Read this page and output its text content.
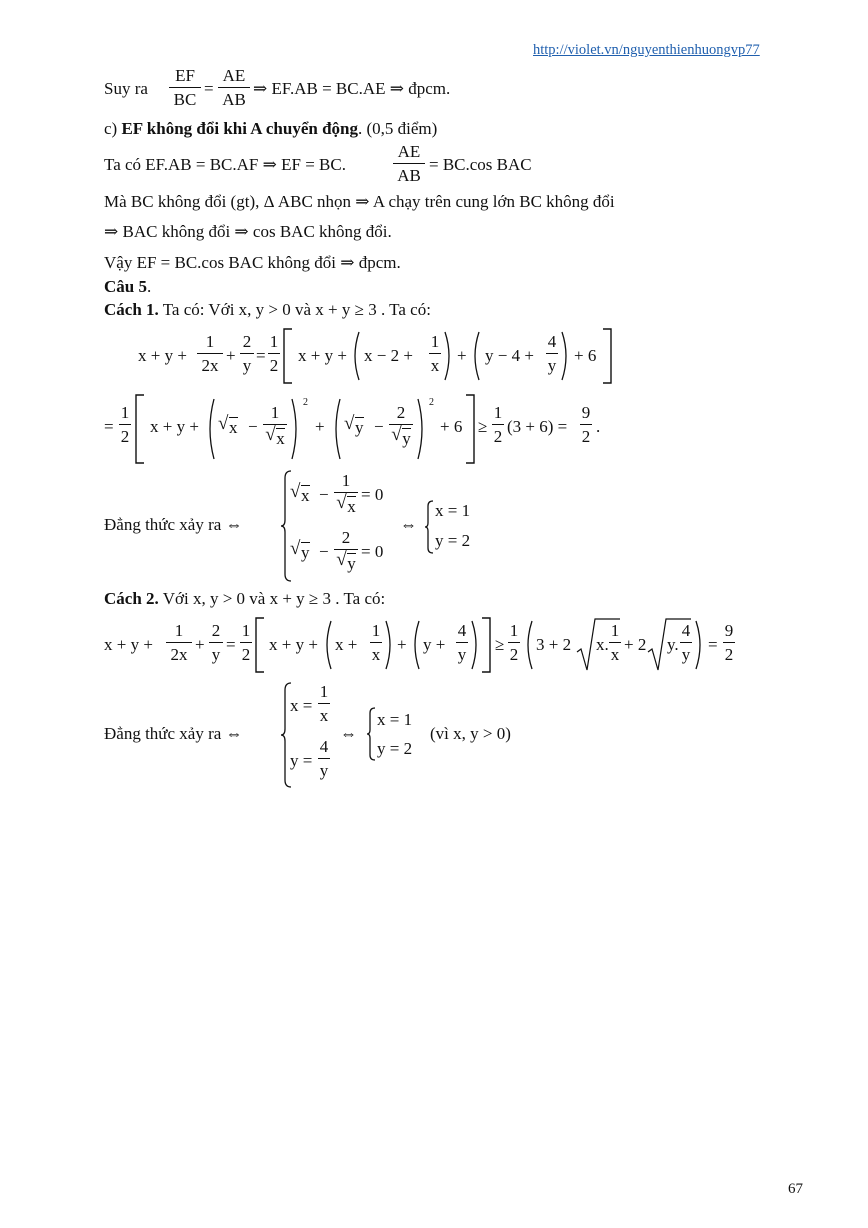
http://violet.vn/nguyenthienhuongvp77
Suy ra $\frac{EF}{BC} = \frac{AE}{AB}$ ⇒ EF.AB = BC.AE ⇒ đpcm.
c) EF không đổi khi A chuyển động. (0,5 điểm)
Ta có EF.AB = BC.AF ⇒ EF = BC.	$\frac{AE}{AB} = BC.\cos$ BAC
Mà BC không đổi (gt), Δ ABC nhọn ⇒ A chạy trên cung lớn BC không đổi
⇒ BAC không đổi ⇒ cos BAC không đổi.
Vậy EF = BC.cos BAC không đổi ⇒ đpcm.
Câu 5.
Cách 1. Ta có: Với x, y > 0 và x + y ≥ 3 . Ta có:
$x + y + \frac{1}{2x} + \frac{2}{y} = \frac{1}{2}$ $x + y + x - 2 + \frac{1}{x} + y - 4 + \frac{4}{y} + 6$
= $\frac{1}{2}$ x + y + √ $x - \frac{1}{√ x}$
2
+ √ $y - \frac{2}{√ y}$
2
+ $6 \ge \frac{1}{2} (3 + 6) = \frac{9}{2}$ .
Đẳng thức xảy ra ⇔
√ $x - \frac{1}{√ x} = 0$
√ $y - \frac{2}{√ y} = 0$
⇔
x = 1
y = 2
Cách 2. Với x, y > 0 và x + y ≥ 3 . Ta có:
$x + y + \frac{1}{2x} + \frac{2}{y} = \frac{1}{2}$ $x + y + x + \frac{1}{x} + y + \frac{4}{y} \ge \frac{1}{2} 3 + 2$ x. $\frac{1}{x} + 2$ y. $\frac{4}{y} = \frac{9}{2}$
Đẳng thức xảy ra ⇔
$x = \frac{1}{x}$
$y = \frac{4}{y}$
⇔
x = 1
y = 2
(vì x, y > 0)
67
